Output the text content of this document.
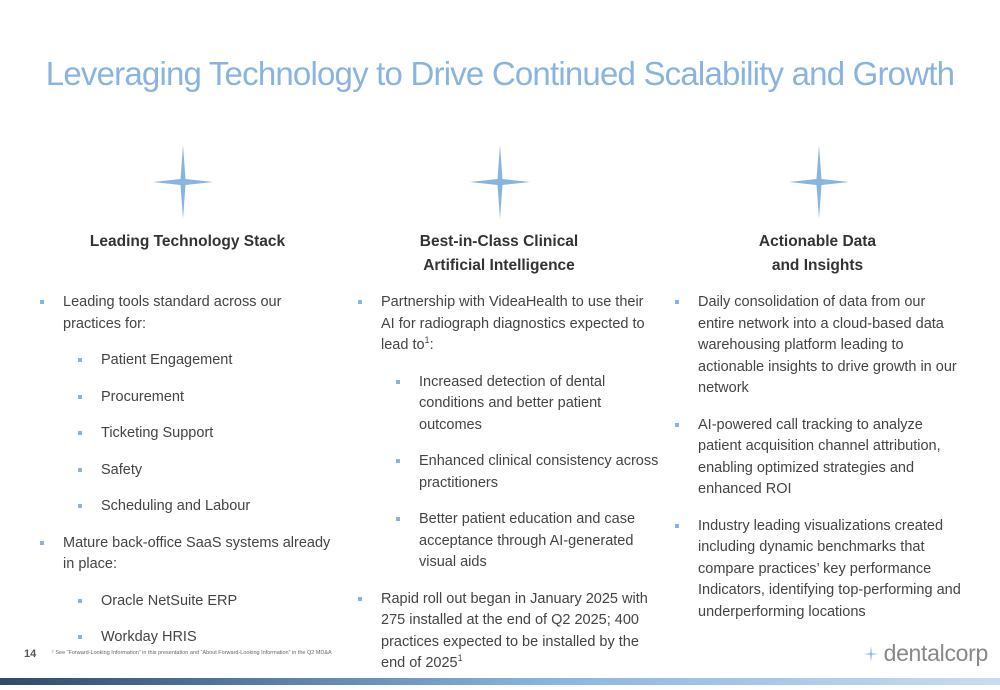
Leveraging Technology to Drive Continued Scalability and Growth
Leading Technology Stack
Leading tools standard across our practices for:
Patient Engagement
Procurement
Ticketing Support
Safety
Scheduling and Labour
Mature back-office SaaS systems already in place:
Oracle NetSuite ERP
Workday HRIS
Best-in-Class Clinical
Artificial Intelligence
Partnership with VideaHealth to use their AI for radiograph diagnostics expected to lead $to^1$:
Increased detection of dental conditions and better patient outcomes
Enhanced clinical consistency across practitioners
Better patient education and case acceptance through AI-generated visual aids
Rapid roll out began in January 2025 with 275 installed at the end of Q2 2025; 400 practices expected to be installed by the end of 2025$^1$
Actionable Data
and Insights
Daily consolidation of data from our entire network into a cloud-based data warehousing platform leading to actionable insights to drive growth in our network
AI-powered call tracking to analyze patient acquisition channel attribution, enabling optimized strategies and enhanced ROI
Industry leading visualizations created including dynamic benchmarks that compare practices’ key performance Indicators, identifying top-performing and underperforming locations
14	¹ See “Forward-Looking Information” in this presentation and “About Forward-Looking Information” in the Q2 MD&A	dentalcorp
